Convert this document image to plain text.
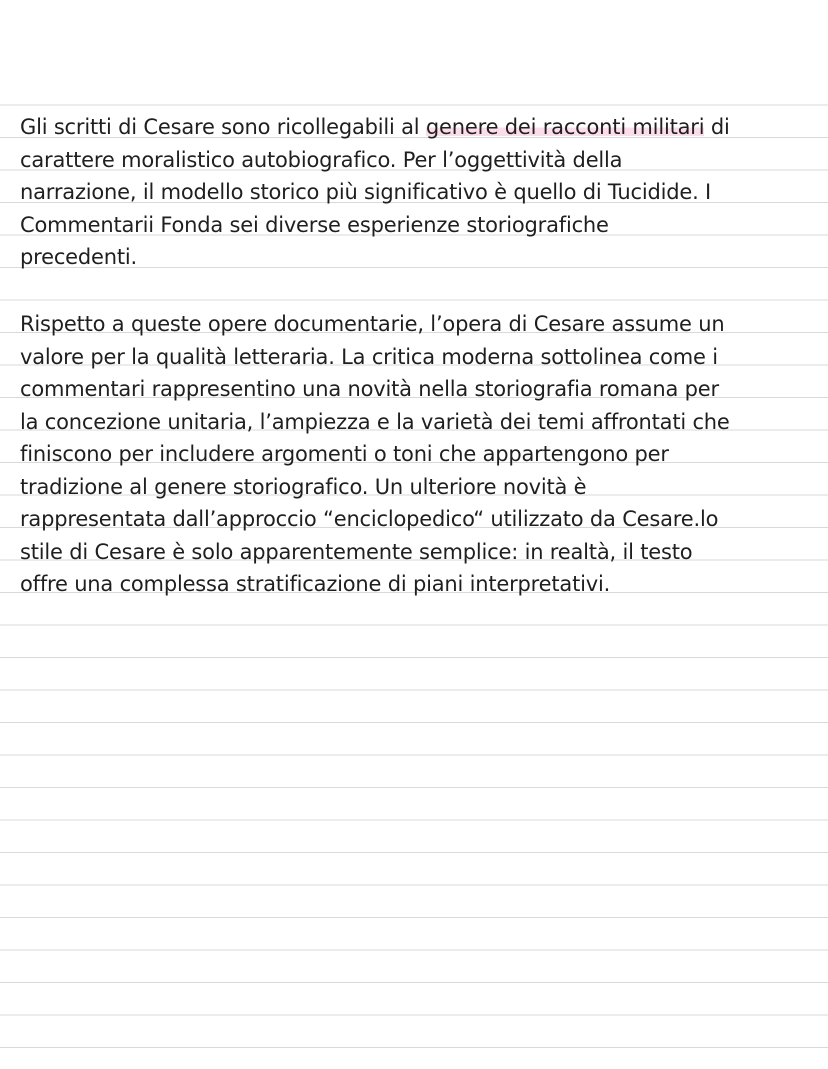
Gli scritti di Cesare sono ricollegabili al genere dei racconti militari di
carattere moralistico autobiografico. Per l’oggettività della
narrazione, il modello storico più significativo è quello di Tucidide. I
Commentarii Fonda sei diverse esperienze storiografiche
precedenti.
Rispetto a queste opere documentarie, l’opera di Cesare assume un
valore per la qualità letteraria. La critica moderna sottolinea come i
commentari rappresentino una novità nella storiografia romana per
la concezione unitaria, l’ampiezza e la varietà dei temi affrontati che
finiscono per includere argomenti o toni che appartengono per
tradizione al genere storiografico. Un ulteriore novità è
rappresentata dall’approccio “enciclopedico“ utilizzato da Cesare.lo
stile di Cesare è solo apparentemente semplice: in realtà, il testo
offre una complessa stratificazione di piani interpretativi.
